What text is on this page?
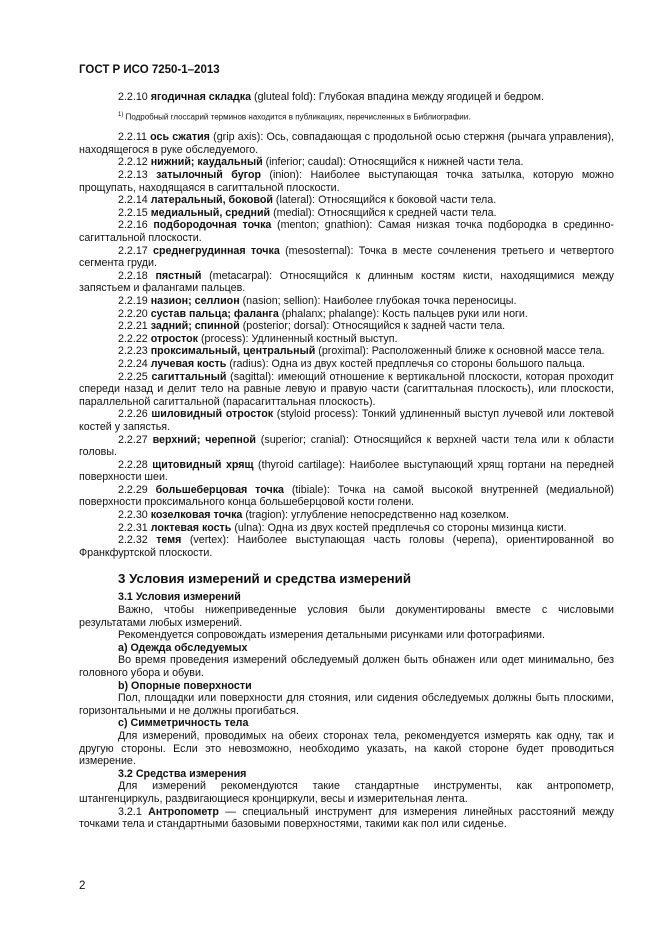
ГОСТ Р ИСО 7250-1–2013

2.2.10 ягодичная складка (gluteal fold): Глубокая впадина между ягодицей и бедром.

$^{1)}$ Подробный глоссарий терминов находится в публикациях, перечисленных в Библиографии.

2.2.11 ось сжатия (grip axis): Ось, совпадающая с продольной осью стержня (рычага управления), находящегося в руке обследуемого.

2.2.12 нижний; каудальный (inferior; caudal): Относящийся к нижней части тела.

2.2.13 затылочный бугор (inion): Наиболее выступающая точка затылка, которую можно прощупать, находящаяся в сагиттальной плоскости.

2.2.14 латеральный, боковой (lateral): Относящийся к боковой части тела.

2.2.15 медиальный, средний (medial): Относящийся к средней части тела.

2.2.16 подбородочная точка (menton; gnathion): Самая низкая точка подбородка в срединно-сагиттальной плоскости.

2.2.17 среднегрудинная точка (mesosternal): Точка в месте сочленения третьего и четвертого сегмента груди.

2.2.18 пястный (metacarpal): Относящийся к длинным костям кисти, находящимися между запястьем и фалангами пальцев.

2.2.19 назион; селлион (nasion; sellion): Наиболее глубокая точка переносицы.

2.2.20 сустав пальца; фаланга (phalanx; phalange): Кость пальцев руки или ноги.

2.2.21 задний; спинной (posterior; dorsal): Относящийся к задней части тела.

2.2.22 отросток (process): Удлиненный костный выступ.

2.2.23 проксимальный, центральный (proximal): Расположенный ближе к основной массе тела.

2.2.24 лучевая кость (radius): Одна из двух костей предплечья со стороны большого пальца.

2.2.25 сагиттальный (sagittal): имеющий отношение к вертикальной плоскости, которая проходит спереди назад и делит тело на равные левую и правую части (сагиттальная плоскость), или плоскости, параллельной сагиттальной (парасагиттальная плоскость).

2.2.26 шиловидный отросток (styloid process): Тонкий удлиненный выступ лучевой или локтевой костей у запястья.

2.2.27 верхний; черепной (superior; cranial): Относящийся к верхней части тела или к области головы.

2.2.28 щитовидный хрящ (thyroid cartilage): Наиболее выступающий хрящ гортани на передней поверхности шеи.

2.2.29 большеберцовая точка (tibiale): Точка на самой высокой внутренней (медиальной) поверхности проксимального конца большеберцовой кости голени.

2.2.30 козелковая точка (tragion): углубление непосредственно над козелком.

2.2.31 локтевая кость (ulna): Одна из двух костей предплечья со стороны мизинца кисти.

2.2.32 темя (vertex): Наиболее выступающая часть головы (черепа), ориентированной во Франкфуртской плоскости.

3 Условия измерений и средства измерений
3.1 Условия измерений

Важно, чтобы нижеприведенные условия были документированы вместе с числовыми результатами любых измерений.

Рекомендуется сопровождать измерения детальными рисунками или фотографиями.

а) Одежда обследуемых

Во время проведения измерений обследуемый должен быть обнажен или одет минимально, без головного убора и обуви.

b) Опорные поверхности

Пол, площадки или поверхности для стояния, или сидения обследуемых должны быть плоскими, горизонтальными и не должны прогибаться.

с) Симметричность тела

Для измерений, проводимых на обеих сторонах тела, рекомендуется измерять как одну, так и другую стороны. Если это невозможно, необходимо указать, на какой стороне будет проводиться измерение.

3.2 Средства измерения

Для измерений рекомендуются такие стандартные инструменты, как антропометр, штангенциркуль, раздвигающиеся кронциркули, весы и измерительная лента.

3.2.1 Антропометр — специальный инструмент для измерения линейных расстояний между точками тела и стандартными базовыми поверхностями, такими как пол или сиденье.

2
